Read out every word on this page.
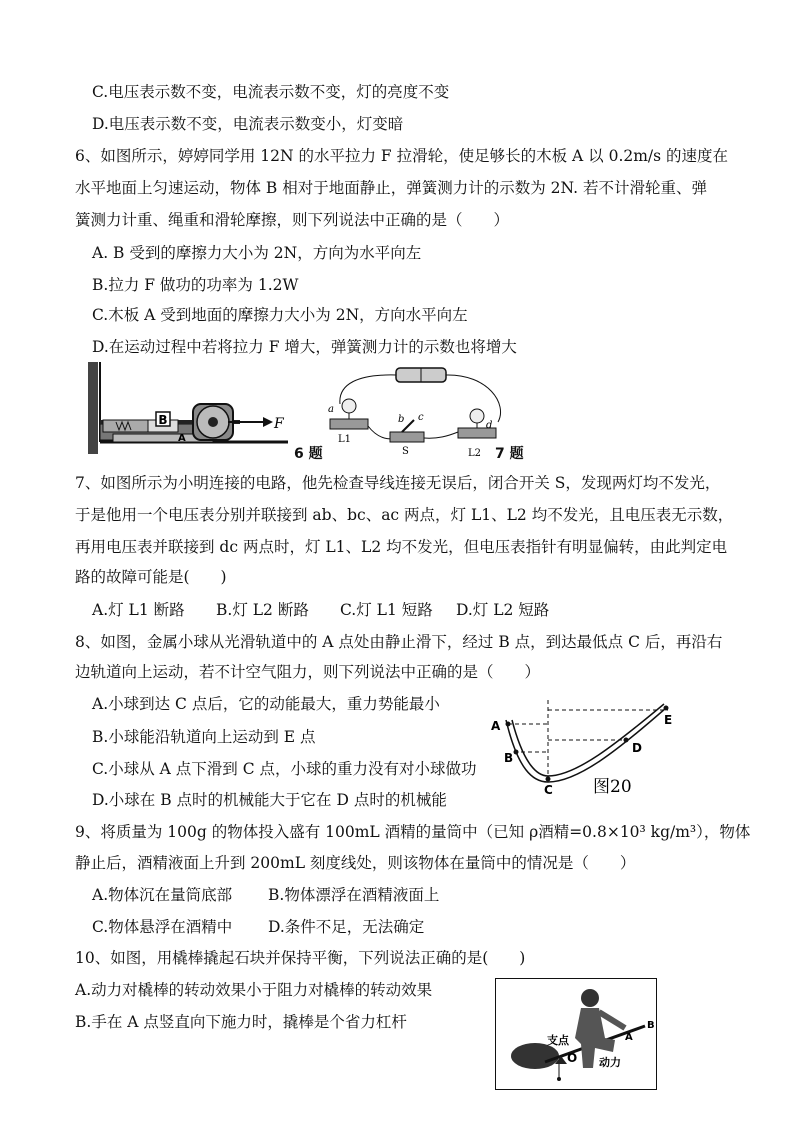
C.电压表示数不变，电流表示数不变，灯的亮度不变
D.电压表示数不变，电流表示数变小，灯变暗
6、如图所示，婷婷同学用 12N 的水平拉力 F 拉滑轮，使足够长的木板 A 以 0.2m/s 的速度在
水平地面上匀速运动，物体 B 相对于地面静止，弹簧测力计的示数为 2N. 若不计滑轮重、弹
簧测力计重、绳重和滑轮摩擦，则下列说法中正确的是（　　）
A. B 受到的摩擦力大小为 2N，方向为水平向左
B.拉力 F 做功的功率为 1.2W
C.木板 A 受到地面的摩擦力大小为 2N，方向水平向左
D.在运动过程中若将拉力 F 增大，弹簧测力计的示数也将增大
B
A
F
a
L1
b c
S
d
L2
6 题	7 题
7、如图所示为小明连接的电路，他先检查导线连接无误后，闭合开关 S，发现两灯均不发光，
于是他用一个电压表分别并联接到 ab、bc、ac 两点，灯 L1、L2 均不发光，且电压表无示数，
再用电压表并联接到 dc 两点时，灯 L1、L2 均不发光，但电压表指针有明显偏转，由此判定电
路的故障可能是(　　)
A.灯 L1 断路 B.灯 L2 断路 C.灯 L1 短路 D.灯 L2 短路
8、如图，金属小球从光滑轨道中的 A 点处由静止滑下，经过 B 点，到达最低点 C 后，再沿右
边轨道向上运动，若不计空气阻力，则下列说法中正确的是（　　）
A.小球到达 C 点后，它的动能最大，重力势能最小
B.小球能沿轨道向上运动到 E 点
C.小球从 A 点下滑到 C 点，小球的重力没有对小球做功
D.小球在 B 点时的机械能大于它在 D 点时的机械能
A
B
C
D
E
图20
9、将质量为 100g 的物体投入盛有 100mL 酒精的量筒中（已知 ρ酒精=0.8×10³ kg/m³），物体
静止后，酒精液面上升到 200mL 刻度线处，则该物体在量筒中的情况是（　　）
A.物体沉在量筒底部 B.物体漂浮在酒精液面上
C.物体悬浮在酒精中 D.条件不足，无法确定
10、如图，用橇棒撬起石块并保持平衡，下列说法正确的是(　　)
A.动力对橇棒的转动效果小于阻力对橇棒的转动效果
B.手在 A 点竖直向下施力时，撬棒是个省力杠杆
支点
O 动力
A
B
